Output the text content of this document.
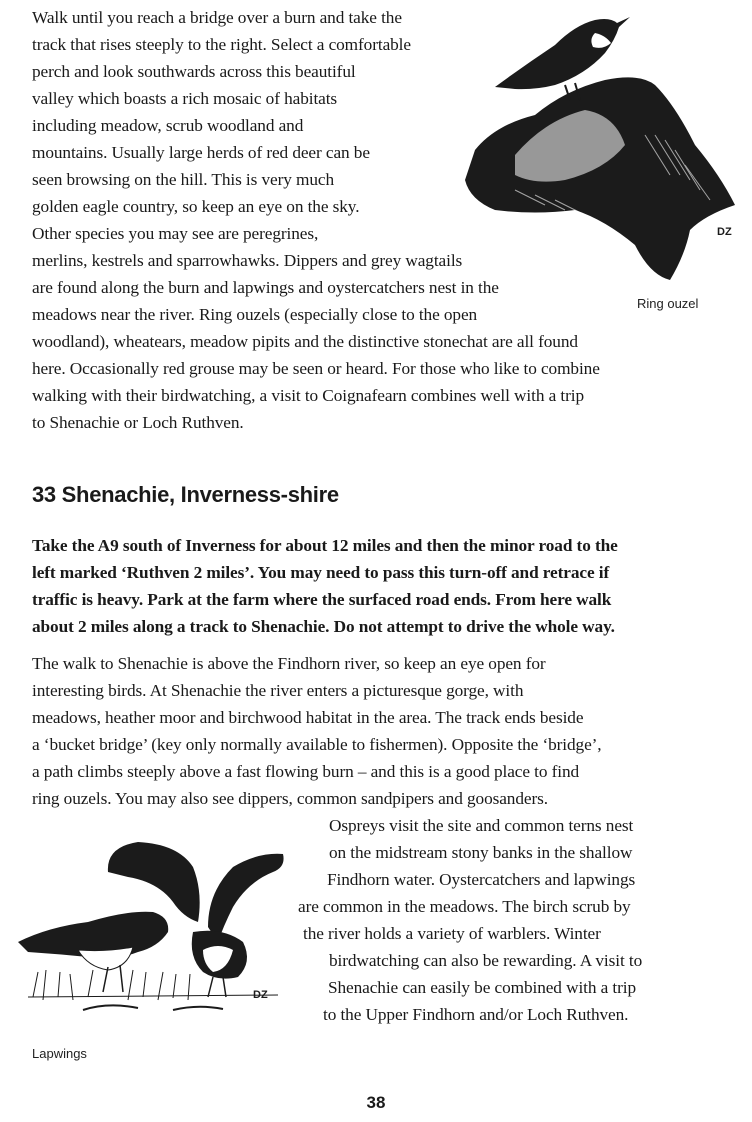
Walk until you reach a bridge over a burn and take the
track that rises steeply to the right. Select a comfortable
perch and look southwards across this beautiful
valley which boasts a rich mosaic of habitats
including meadow, scrub woodland and
mountains. Usually large herds of red deer can be
seen browsing on the hill. This is very much
golden eagle country, so keep an eye on the sky.
Other species you may see are peregrines,
merlins, kestrels and sparrowhawks. Dippers and grey wagtails
are found along the burn and lapwings and oystercatchers nest in the
meadows near the river. Ring ouzels (especially close to the open
woodland), wheatears, meadow pipits and the distinctive stonechat are all found
here. Occasionally red grouse may be seen or heard. For those who like to combine
walking with their birdwatching, a visit to Coignafearn combines well with a trip
to Shenachie or Loch Ruthven.
DZ
Ring ouzel
33 Shenachie, Inverness-shire
Take the A9 south of Inverness for about 12 miles and then the minor road to the
left marked ‘Ruthven 2 miles’. You may need to pass this turn-off and retrace if
traffic is heavy. Park at the farm where the surfaced road ends. From here walk
about 2 miles along a track to Shenachie. Do not attempt to drive the whole way.
The walk to Shenachie is above the Findhorn river, so keep an eye open for
interesting birds. At Shenachie the river enters a picturesque gorge, with
meadows, heather moor and birchwood habitat in the area. The track ends beside
a ‘bucket bridge’ (key only normally available to fishermen). Opposite the ‘bridge’,
a path climbs steeply above a fast flowing burn – and this is a good place to find
ring ouzels. You may also see dippers, common sandpipers and goosanders.
DZ
Lapwings
Ospreys visit the site and common terns nest
on the midstream stony banks in the shallow
Findhorn water. Oystercatchers and lapwings
are common in the meadows. The birch scrub by
the river holds a variety of warblers. Winter
birdwatching can also be rewarding. A visit to
Shenachie can easily be combined with a trip
to the Upper Findhorn and/or Loch Ruthven.
38
